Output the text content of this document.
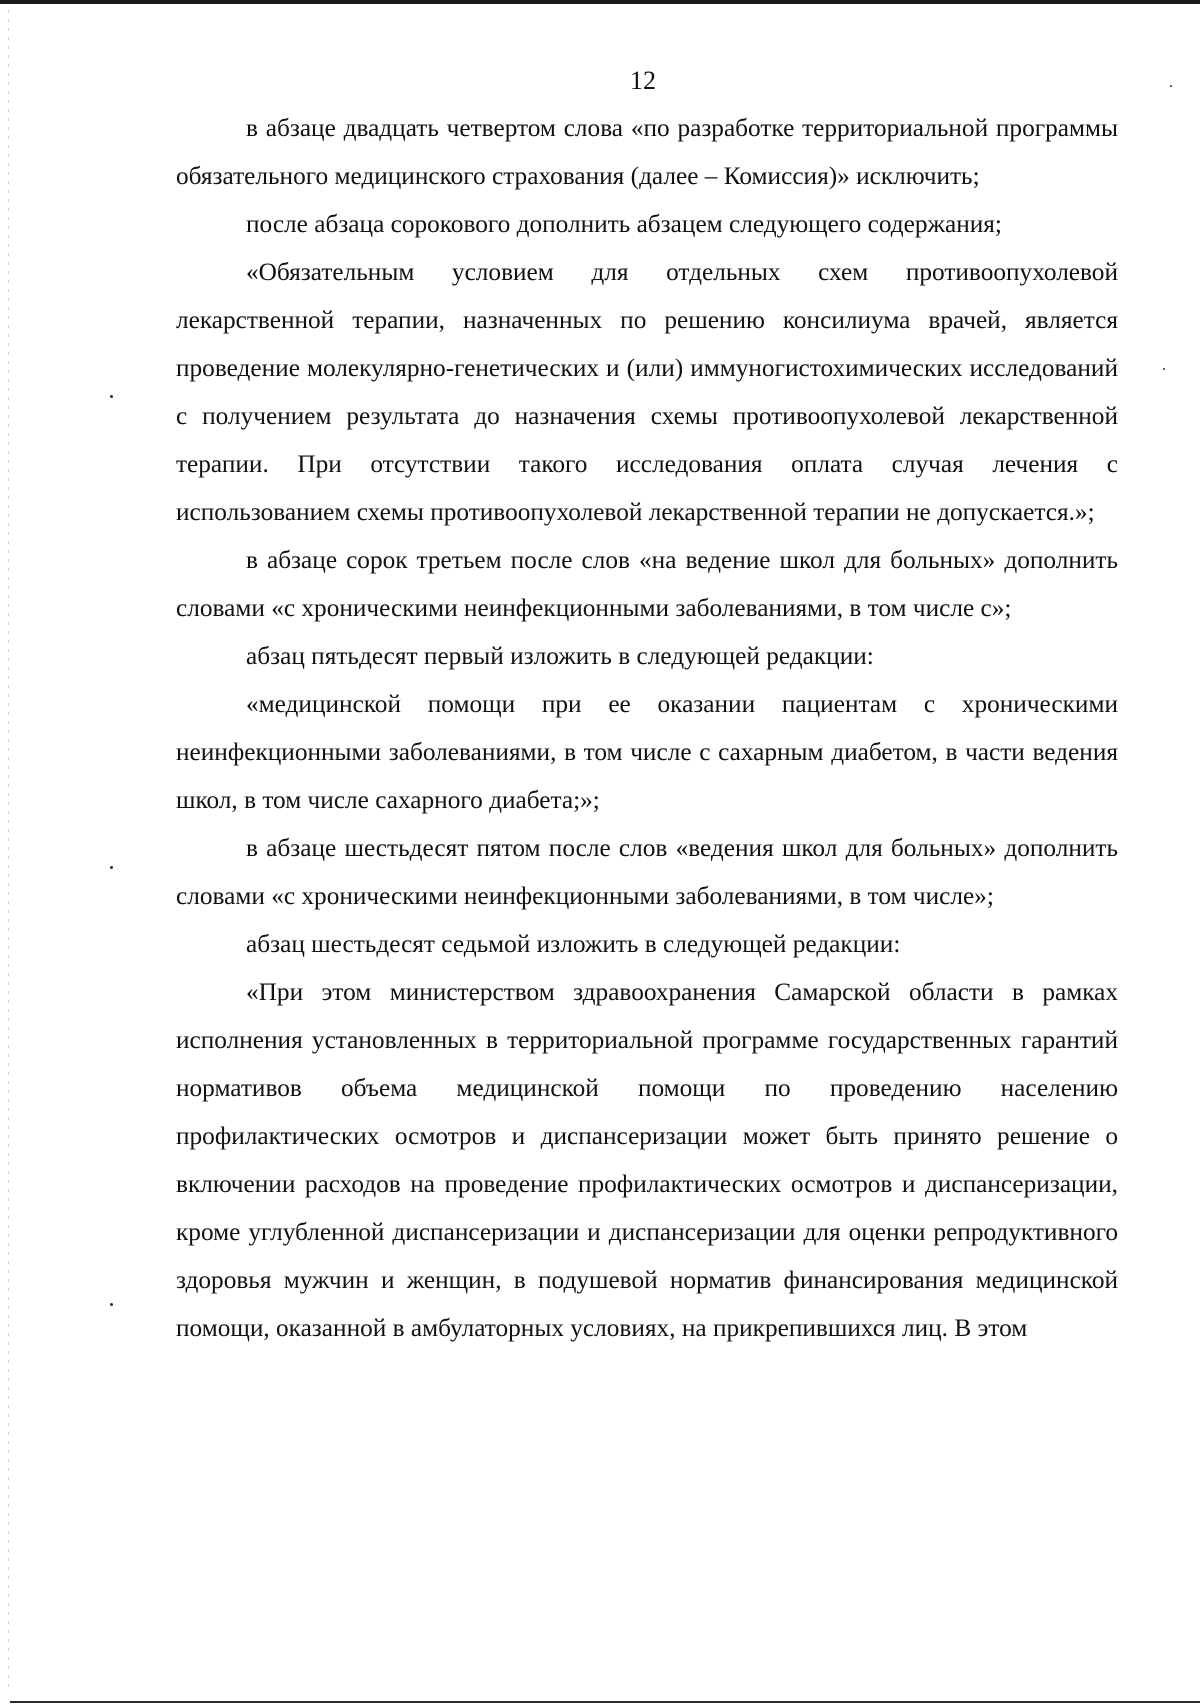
12

в абзаце двадцать четвертом слова «по разработке территориальной программы обязательного медицинского страхования (далее – Комиссия)» исключить;

после абзаца сорокового дополнить абзацем следующего содержания;

«Обязательным условием для отдельных схем противоопухолевой лекарственной терапии, назначенных по решению консилиума врачей, является проведение молекулярно-генетических и (или) иммуногистохимических исследований с получением результата до назначения схемы противоопухолевой лекарственной терапии. При отсутствии такого исследования оплата случая лечения с использованием схемы противоопухолевой лекарственной терапии не допускается.»;

в абзаце сорок третьем после слов «на ведение школ для больных» дополнить словами «с хроническими неинфекционными заболеваниями, в том числе с»;

абзац пятьдесят первый изложить в следующей редакции:

«медицинской помощи при ее оказании пациентам с хроническими неинфекционными заболеваниями, в том числе с сахарным диабетом, в части ведения школ, в том числе сахарного диабета;»;

в абзаце шестьдесят пятом после слов «ведения школ для больных» дополнить словами «с хроническими неинфекционными заболеваниями, в том числе»;

абзац шестьдесят седьмой изложить в следующей редакции:

«При этом министерством здравоохранения Самарской области в рамках исполнения установленных в территориальной программе государственных гарантий нормативов объема медицинской помощи по проведению населению профилактических осмотров и диспансеризации может быть принято решение о включении расходов на проведение профилактических осмотров и диспансеризации, кроме углубленной диспансеризации и диспансеризации для оценки репродуктивного здоровья мужчин и женщин, в подушевой норматив финансирования медицинской помощи, оказанной в амбулаторных условиях, на прикрепившихся лиц. В этом
